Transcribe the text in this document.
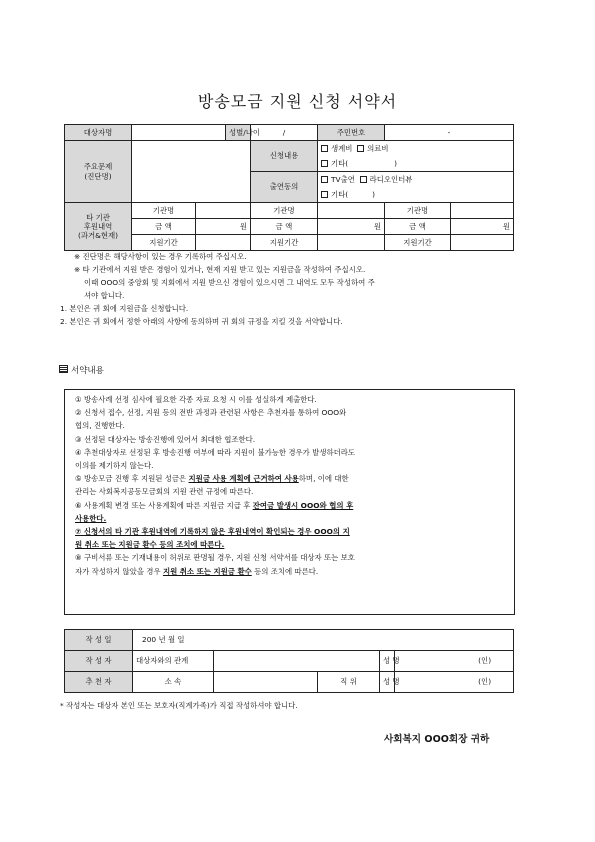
방송모금 지원 신청 서약서
대상자명			성별/나이	/	주민번호	-	

주요문제
(진단명)				신청내용	생계비 의료비		
					기타( )		
				출연동의	TV출연 라디오인터뷰		
					기타( )		

타 기관
후원내역
(과거&현재)	기관명			기관명		기관명	
	금 액	원		금 액	원	금 액	원
	지원기간			지원기간		지원기간	

※ 진단명은 해당사항이 있는 경우 기록하여 주십시오.

※ 타 기관에서 지원 받은 경험이 있거나, 현재 지원 받고 있는 지원금을 작성하여 주십시오.

이때 OOO의 중앙회 및 지회에서 지원 받으신 경험이 있으시면 그 내역도 모두 작성하여 주

셔야 합니다.

1. 본인은 귀 회에 지원금을 신청합니다.

2. 본인은 귀 회에서 정한 아래의 사항에 동의하며 귀 회의 규정을 지킬 것을 서약합니다.

서약내용

① 방송사례 선정 심사에 필요한 각종 자료 요청 시 이를 성실하게 제출한다.

② 신청서 접수, 선정, 지원 등의 전반 과정과 관련된 사항은 추천자를 통하여 OOO와

협의, 진행한다.

③ 선정된 대상자는 방송진행에 있어서 최대한 협조한다.

④ 추천대상자로 선정된 후 방송진행 여부에 따라 지원이 불가능한 경우가 발생하더라도

이의를 제기하지 않는다.

⑤ 방송모금 진행 후 지원된 성금은 지원금 사용 계획에 근거하여 사용하며, 이에 대한

관리는 사회복지공동모금회의 지원 관련 규정에 따른다.

⑥ 사용계획 변경 또는 사용계획에 따른 지원금 지급 후 잔여금 발생시 OOO와 협의 후

사용한다.

⑦ 신청서의 타 기관 후원내역에 기록하지 않은 후원내역이 확인되는 경우 OOO의 지

원 취소 또는 지원금 환수 등의 조치에 따른다.

⑧ 구비서류 또는 기재내용이 허위로 판명될 경우, 지원 신청 서약서를 대상자 또는 보호

자가 작성하지 않았을 경우 지원 취소 또는 지원금 환수 등의 조치에 따른다.

작 성 일	200 년 월 일				
작 성 자	대상자와의 관계			성 명	(인)
추 천 자	소 속		직 위	성 명	(인)
* 작성자는 대상자 본인 또는 보호자(직계가족)가 직접 작성하셔야 합니다.
사회복지 OOO회장 귀하
